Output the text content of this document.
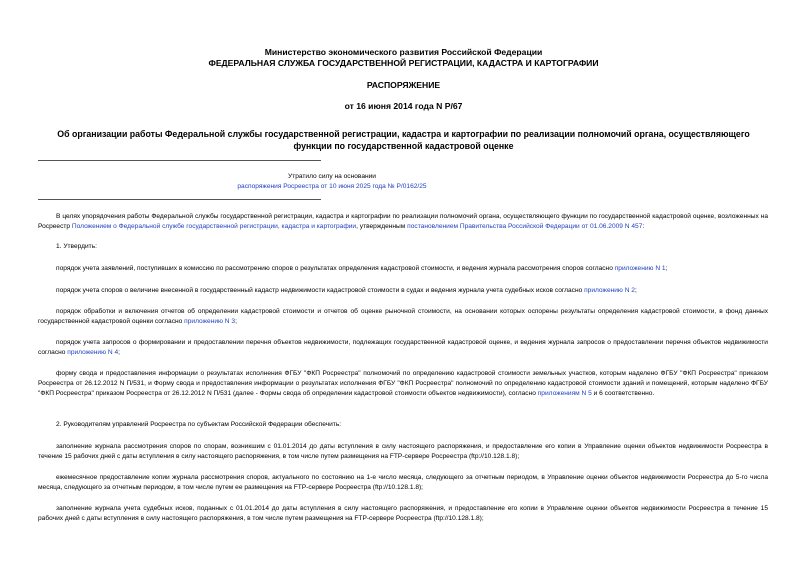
Министерство экономического развития Российской Федерации
ФЕДЕРАЛЬНАЯ СЛУЖБА ГОСУДАРСТВЕННОЙ РЕГИСТРАЦИИ, КАДАСТРА И КАРТОГРАФИИ
РАСПОРЯЖЕНИЕ
от 16 июня 2014 года N Р/67
Об организации работы Федеральной службы государственной регистрации, кадастра и картографии по реализации полномочий органа, осуществляющего
функции по государственной кадастровой оценке
Утратило силу на основании
распоряжения Росреестра от 10 июня 2025 года № Р/0162/25
В целях упорядочения работы Федеральной службы государственной регистрации, кадастра и картографии по реализации полномочий органа, осуществляющего функции по государственной кадастровой оценке, возложенных на Росреестр Положением о Федеральной службе государственной регистрации, кадастра и картографии, утвержденным постановлением Правительства Российской Федерации от 01.06.2009 N 457:
1. Утвердить:
порядок учета заявлений, поступивших в комиссию по рассмотрению споров о результатах определения кадастровой стоимости, и ведения журнала рассмотрения споров согласно приложению N 1;
порядок учета споров о величине внесенной в государственный кадастр недвижимости кадастровой стоимости в судах и ведения журнала учета судебных исков согласно приложению N 2;
порядок обработки и включения отчетов об определении кадастровой стоимости и отчетов об оценке рыночной стоимости, на основании которых оспорены результаты определения кадастровой стоимости, в фонд данных государственной кадастровой оценки согласно приложению N 3;
порядок учета запросов о формировании и предоставлении перечня объектов недвижимости, подлежащих государственной кадастровой оценке, и ведения журнала запросов о предоставлении перечня объектов недвижимости согласно приложению N 4;
форму свода и предоставления информации о результатах исполнения ФГБУ "ФКП Росреестра" полномочий по определению кадастровой стоимости земельных участков, которым наделено ФГБУ "ФКП Росреестра" приказом Росреестра от 26.12.2012 N П/531, и Форму свода и предоставления информации о результатах исполнения ФГБУ "ФКП Росреестра" полномочий по определению кадастровой стоимости зданий и помещений, которым наделено ФГБУ "ФКП Росреестра" приказом Росреестра от 26.12.2012 N П/531 (далее - Формы свода об определении кадастровой стоимости объектов недвижимости), согласно приложениям N 5 и 6 соответственно.
2. Руководителям управлений Росреестра по субъектам Российской Федерации обеспечить:
заполнение журнала рассмотрения споров по спорам, возникшим с 01.01.2014 до даты вступления в силу настоящего распоряжения, и предоставление его копии в Управление оценки объектов недвижимости Росреестра в течение 15 рабочих дней с даты вступления в силу настоящего распоряжения, в том числе путем размещения на FTP-сервере Росреестра (ftp://10.128.1.8);
ежемесячное предоставление копии журнала рассмотрения споров, актуального по состоянию на 1-е число месяца, следующего за отчетным периодом, в Управление оценки объектов недвижимости Росреестра до 5-го числа месяца, следующего за отчетным периодом, в том числе путем ее размещения на FTP-сервере Росреестра (ftp://10.128.1.8);
заполнение журнала учета судебных исков, поданных с 01.01.2014 до даты вступления в силу настоящего распоряжения, и предоставление его копии в Управление оценки объектов недвижимости Росреестра в течение 15 рабочих дней с даты вступления в силу настоящего распоряжения, в том числе путем размещения на FTP-сервере Росреестра (ftp://10.128.1.8);
